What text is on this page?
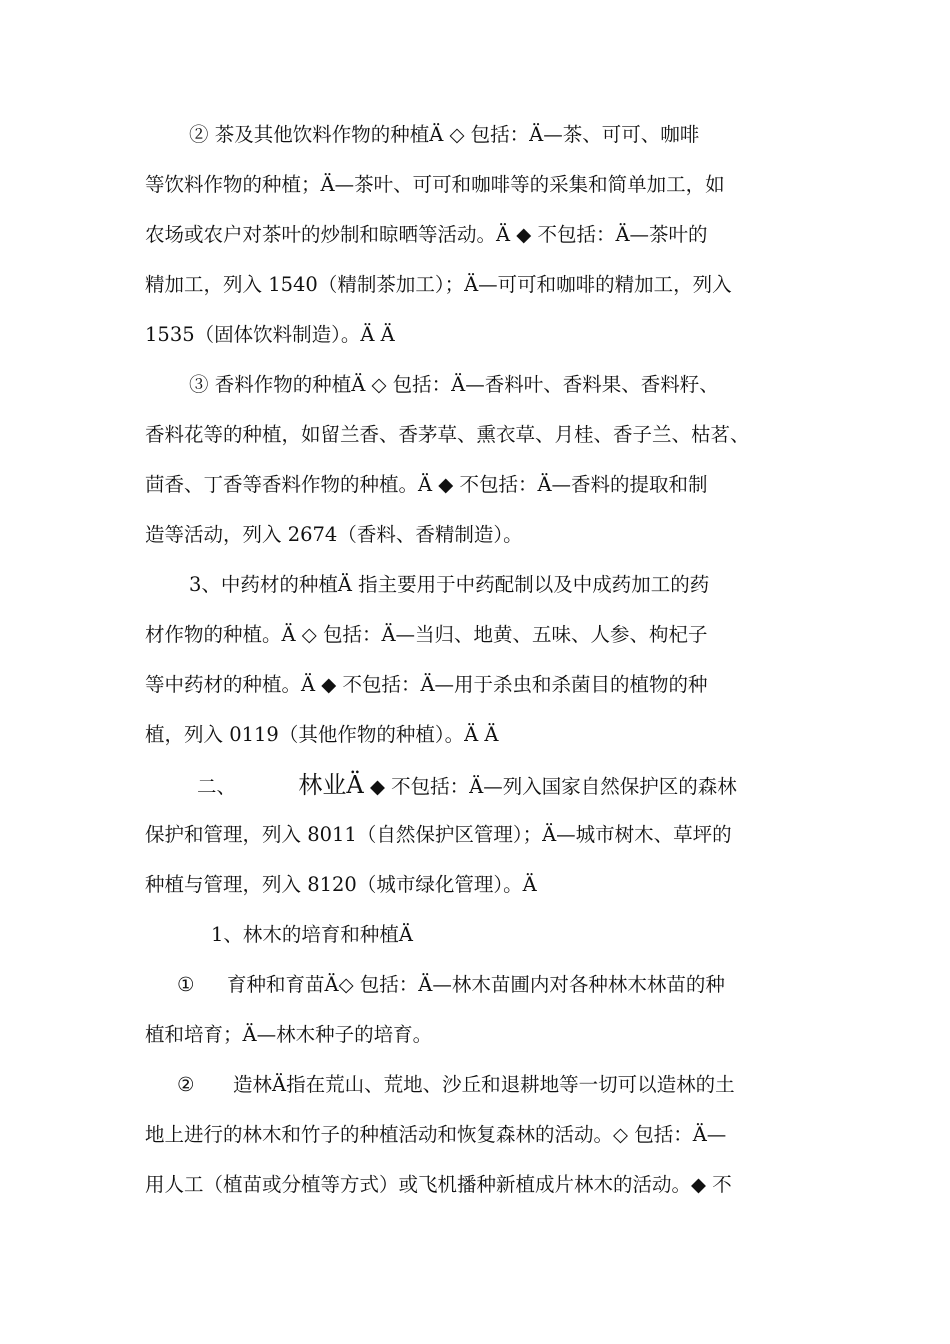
② 茶及其他饮料作物的种植Ä ◇ 包括：Ä—茶、可可、咖啡
等饮料作物的种植；Ä—茶叶、可可和咖啡等的采集和简单加工，如
农场或农户对茶叶的炒制和晾晒等活动。Ä ◆ 不包括：Ä—茶叶的
精加工，列入 1540（精制茶加工）；Ä—可可和咖啡的精加工，列入
1535（固体饮料制造）。Ä Ä
③ 香料作物的种植Ä ◇ 包括：Ä—香料叶、香料果、香料籽、
香料花等的种植，如留兰香、香茅草、熏衣草、月桂、香子兰、枯茗、
茴香、丁香等香料作物的种植。Ä ◆ 不包括：Ä—香料的提取和制
造等活动，列入 2674（香料、香精制造）。
3、中药材的种植Ä 指主要用于中药配制以及中成药加工的药
材作物的种植。Ä ◇ 包括：Ä—当归、地黄、五味、人参、枸杞子
等中药材的种植。Ä ◆ 不包括：Ä—用于杀虫和杀菌目的植物的种
植，列入 0119（其他作物的种植）。Ä Ä
二、	林业Ä ◆ 不包括：Ä—列入国家自然保护区的森林
保护和管理，列入 8011（自然保护区管理）；Ä—城市树木、草坪的
种植与管理，列入 8120（城市绿化管理）。Ä
1、林木的培育和种植Ä
① 育种和育苗Ä◇ 包括：Ä—林木苗圃内对各种林木林苗的种
植和培育；Ä—林木种子的培育。
② 造林Ä指在荒山、荒地、沙丘和退耕地等一切可以造林的土
地上进行的林木和竹子的种植活动和恢复森林的活动。◇ 包括：Ä—
用人工（植苗或分植等方式）或飞机播种新植成片林木的活动。◆ 不
